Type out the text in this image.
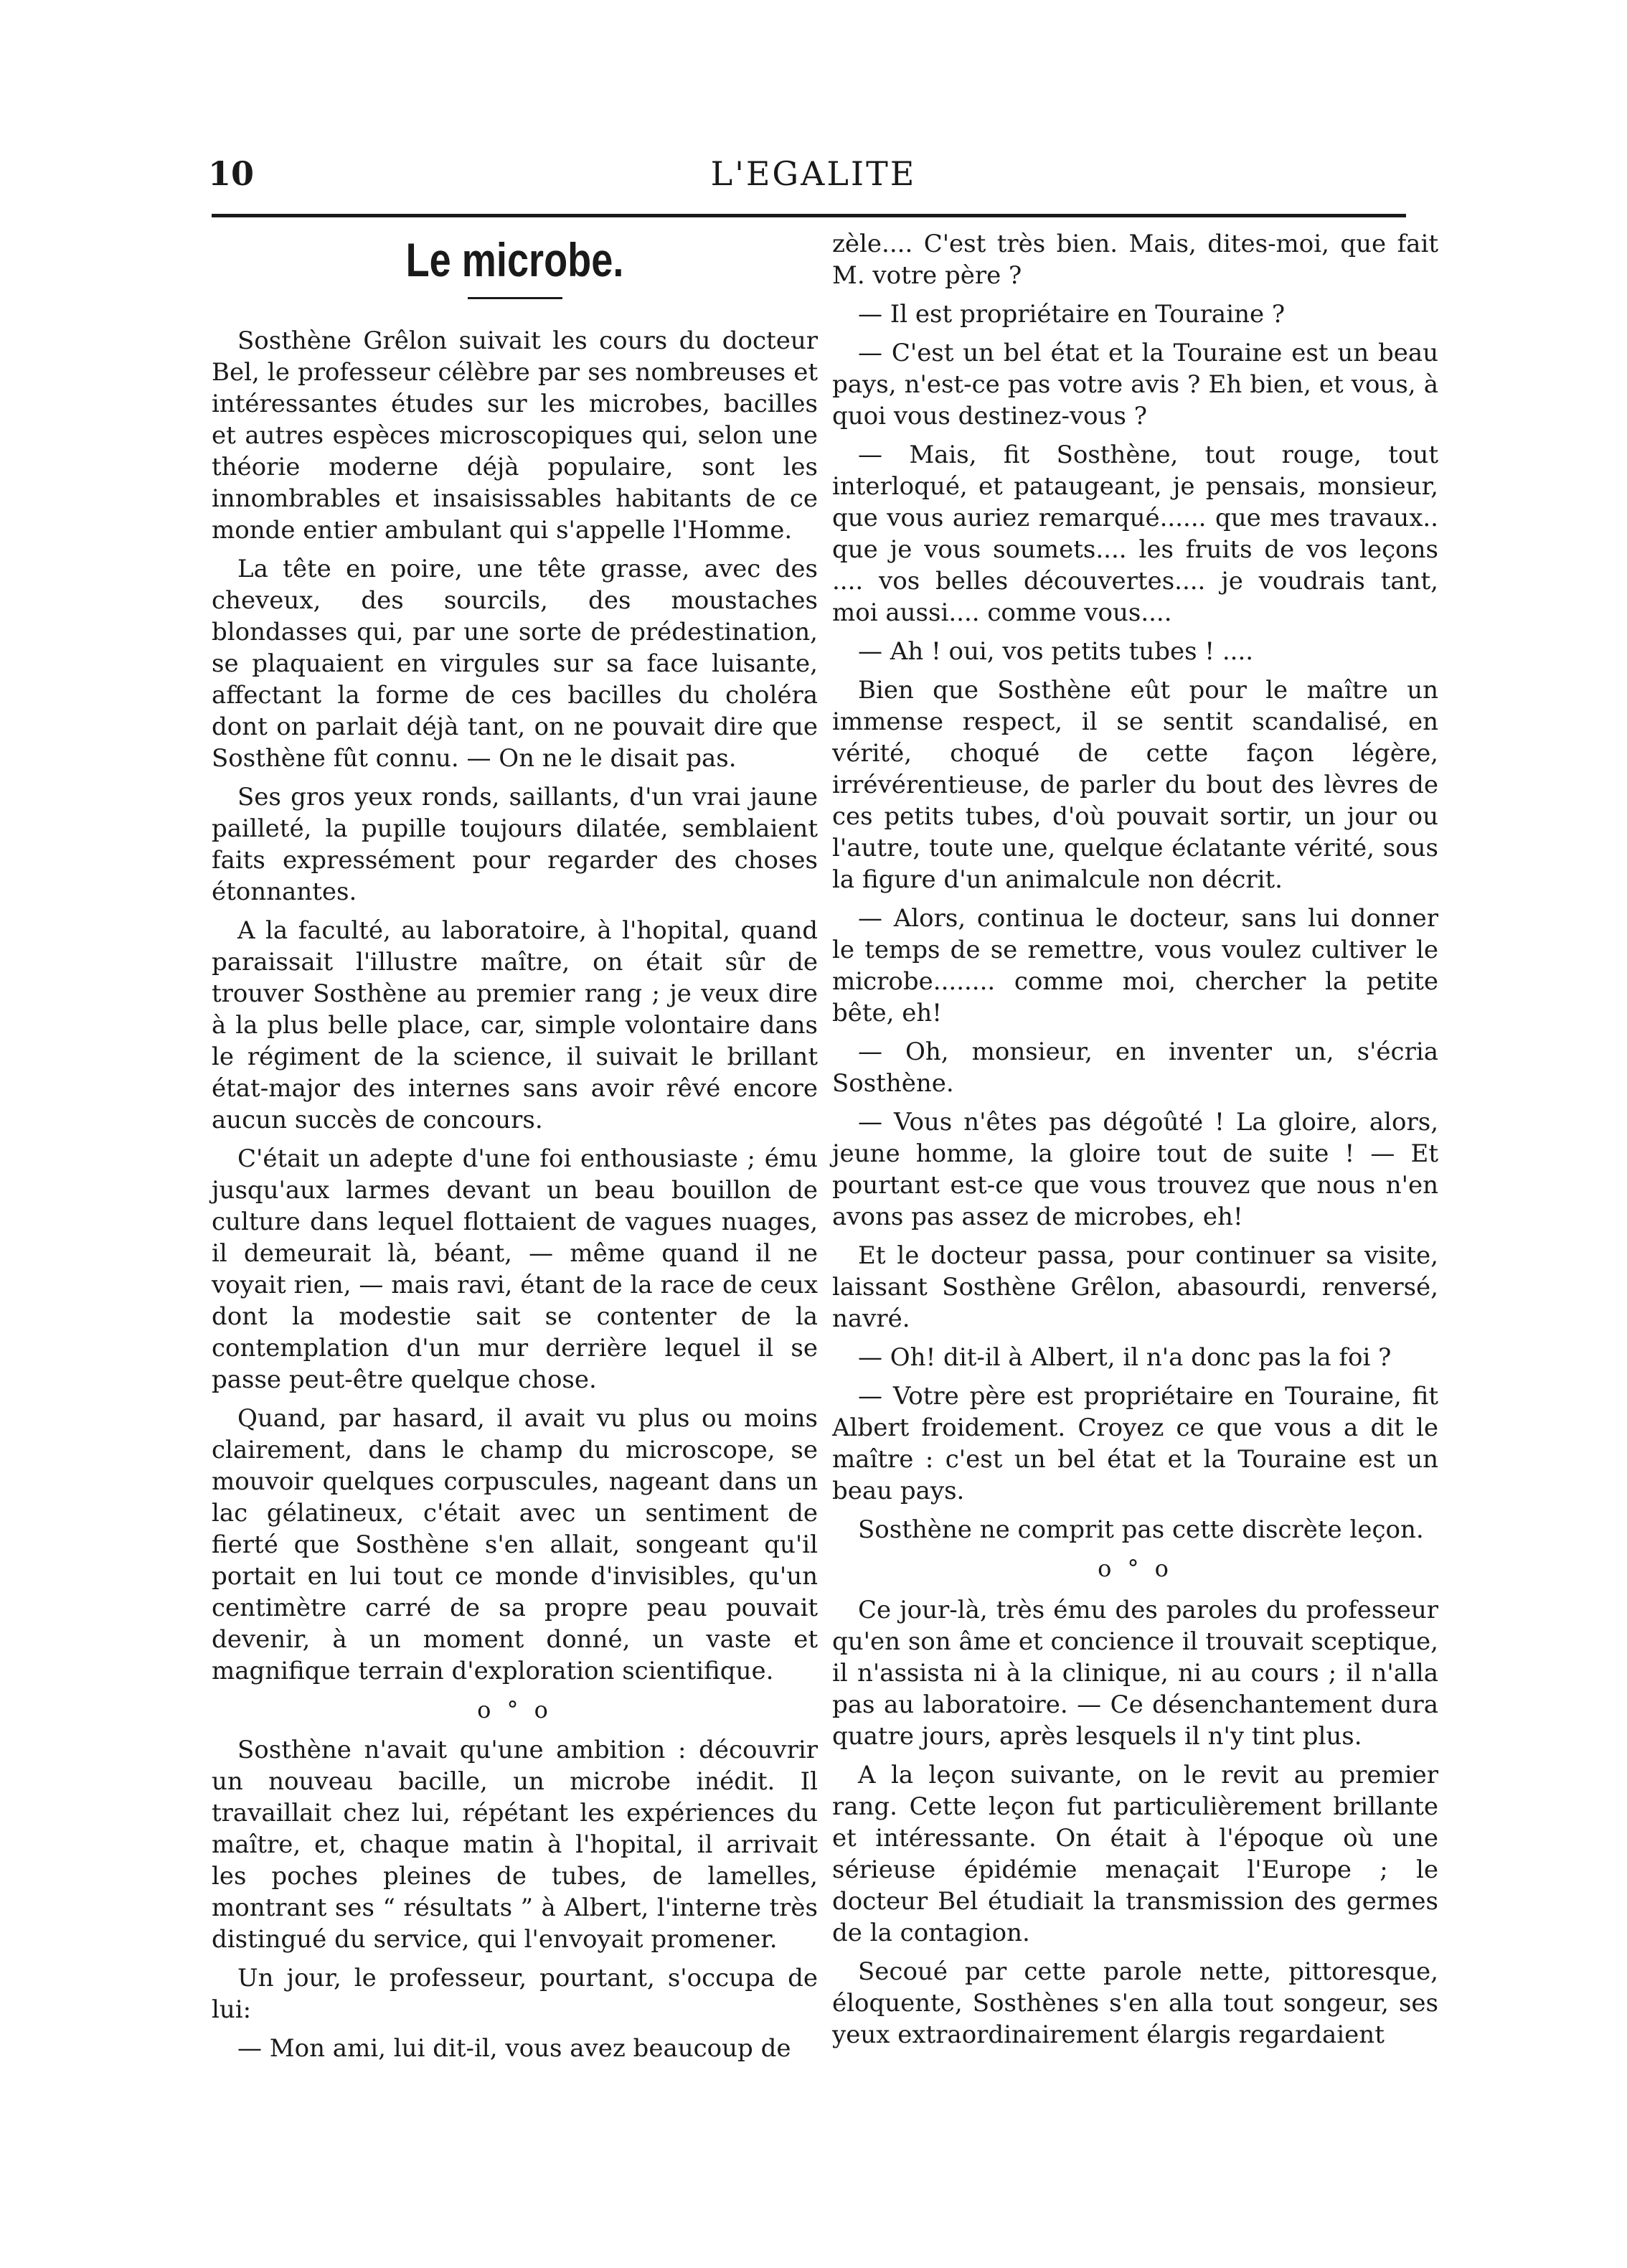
10	L'EGALITE
Le microbe.

Sosthène Grêlon suivait les cours du docteur Bel, le professeur célèbre par ses nombreuses et intéressantes études sur les microbes, bacilles et autres espèces microscopiques qui, selon une théorie moderne déjà populaire, sont les innombrables et insaisissables habitants de ce monde entier ambulant qui s'appelle l'Homme.

La tête en poire, une tête grasse, avec des cheveux, des sourcils, des moustaches blondasses qui, par une sorte de prédestination, se plaquaient en virgules sur sa face luisante, affectant la forme de ces bacilles du choléra dont on parlait déjà tant, on ne pouvait dire que Sosthène fût connu. — On ne le disait pas.

Ses gros yeux ronds, saillants, d'un vrai jaune pailleté, la pupille toujours dilatée, semblaient faits expressément pour regarder des choses étonnantes.

A la faculté, au laboratoire, à l'hopital, quand paraissait l'illustre maître, on était sûr de trouver Sosthène au premier rang ; je veux dire à la plus belle place, car, simple volontaire dans le régiment de la science, il suivait le brillant état-major des internes sans avoir rêvé encore aucun succès de concours.

C'était un adepte d'une foi enthousiaste ; ému jusqu'aux larmes devant un beau bouillon de culture dans lequel flottaient de vagues nuages, il demeurait là, béant, — même quand il ne voyait rien, — mais ravi, étant de la race de ceux dont la modestie sait se contenter de la contemplation d'un mur derrière lequel il se passe peut-être quelque chose.

Quand, par hasard, il avait vu plus ou moins clairement, dans le champ du microscope, se mouvoir quelques corpuscules, nageant dans un lac gélatineux, c'était avec un sentiment de fierté que Sosthène s'en allait, songeant qu'il portait en lui tout ce monde d'invisibles, qu'un centimètre carré de sa propre peau pouvait devenir, à un moment donné, un vaste et magnifique terrain d'exploration scientifique.

o ° o

Sosthène n'avait qu'une ambition : découvrir un nouveau bacille, un microbe inédit. Il travaillait chez lui, répétant les expériences du maître, et, chaque matin à l'hopital, il arrivait les poches pleines de tubes, de lamelles, montrant ses “ résultats ” à Albert, l'interne très distingué du service, qui l'envoyait promener.

Un jour, le professeur, pourtant, s'occupa de lui:

— Mon ami, lui dit-il, vous avez beaucoup de

zèle.... C'est très bien. Mais, dites-moi, que fait M. votre père ?

— Il est propriétaire en Touraine ?

— C'est un bel état et la Touraine est un beau pays, n'est-ce pas votre avis ? Eh bien, et vous, à quoi vous destinez-vous ?

— Mais, fit Sosthène, tout rouge, tout interloqué, et pataugeant, je pensais, monsieur, que vous auriez remarqué...... que mes travaux.. que je vous soumets.... les fruits de vos leçons .... vos belles découvertes.... je voudrais tant, moi aussi.... comme vous....

— Ah ! oui, vos petits tubes ! ....

Bien que Sosthène eût pour le maître un immense respect, il se sentit scandalisé, en vérité, choqué de cette façon légère, irrévérentieuse, de parler du bout des lèvres de ces petits tubes, d'où pouvait sortir, un jour ou l'autre, toute une, quelque éclatante vérité, sous la figure d'un animalcule non décrit.

— Alors, continua le docteur, sans lui donner le temps de se remettre, vous voulez cultiver le microbe........ comme moi, chercher la petite bête, eh!

— Oh, monsieur, en inventer un, s'écria Sosthène.

— Vous n'êtes pas dégoûté ! La gloire, alors, jeune homme, la gloire tout de suite ! — Et pourtant est-ce que vous trouvez que nous n'en avons pas assez de microbes, eh!

Et le docteur passa, pour continuer sa visite, laissant Sosthène Grêlon, abasourdi, renversé, navré.

— Oh! dit-il à Albert, il n'a donc pas la foi ?

— Votre père est propriétaire en Touraine, fit Albert froidement. Croyez ce que vous a dit le maître : c'est un bel état et la Touraine est un beau pays.

Sosthène ne comprit pas cette discrète leçon.

o ° o

Ce jour-là, très ému des paroles du professeur qu'en son âme et concience il trouvait sceptique, il n'assista ni à la clinique, ni au cours ; il n'alla pas au laboratoire. — Ce désenchantement dura quatre jours, après lesquels il n'y tint plus.

A la leçon suivante, on le revit au premier rang. Cette leçon fut particulièrement brillante et intéressante. On était à l'époque où une sérieuse épidémie menaçait l'Europe ; le docteur Bel étudiait la transmission des germes de la contagion.

Secoué par cette parole nette, pittoresque, éloquente, Sosthènes s'en alla tout songeur, ses yeux extraordinairement élargis regardaient
